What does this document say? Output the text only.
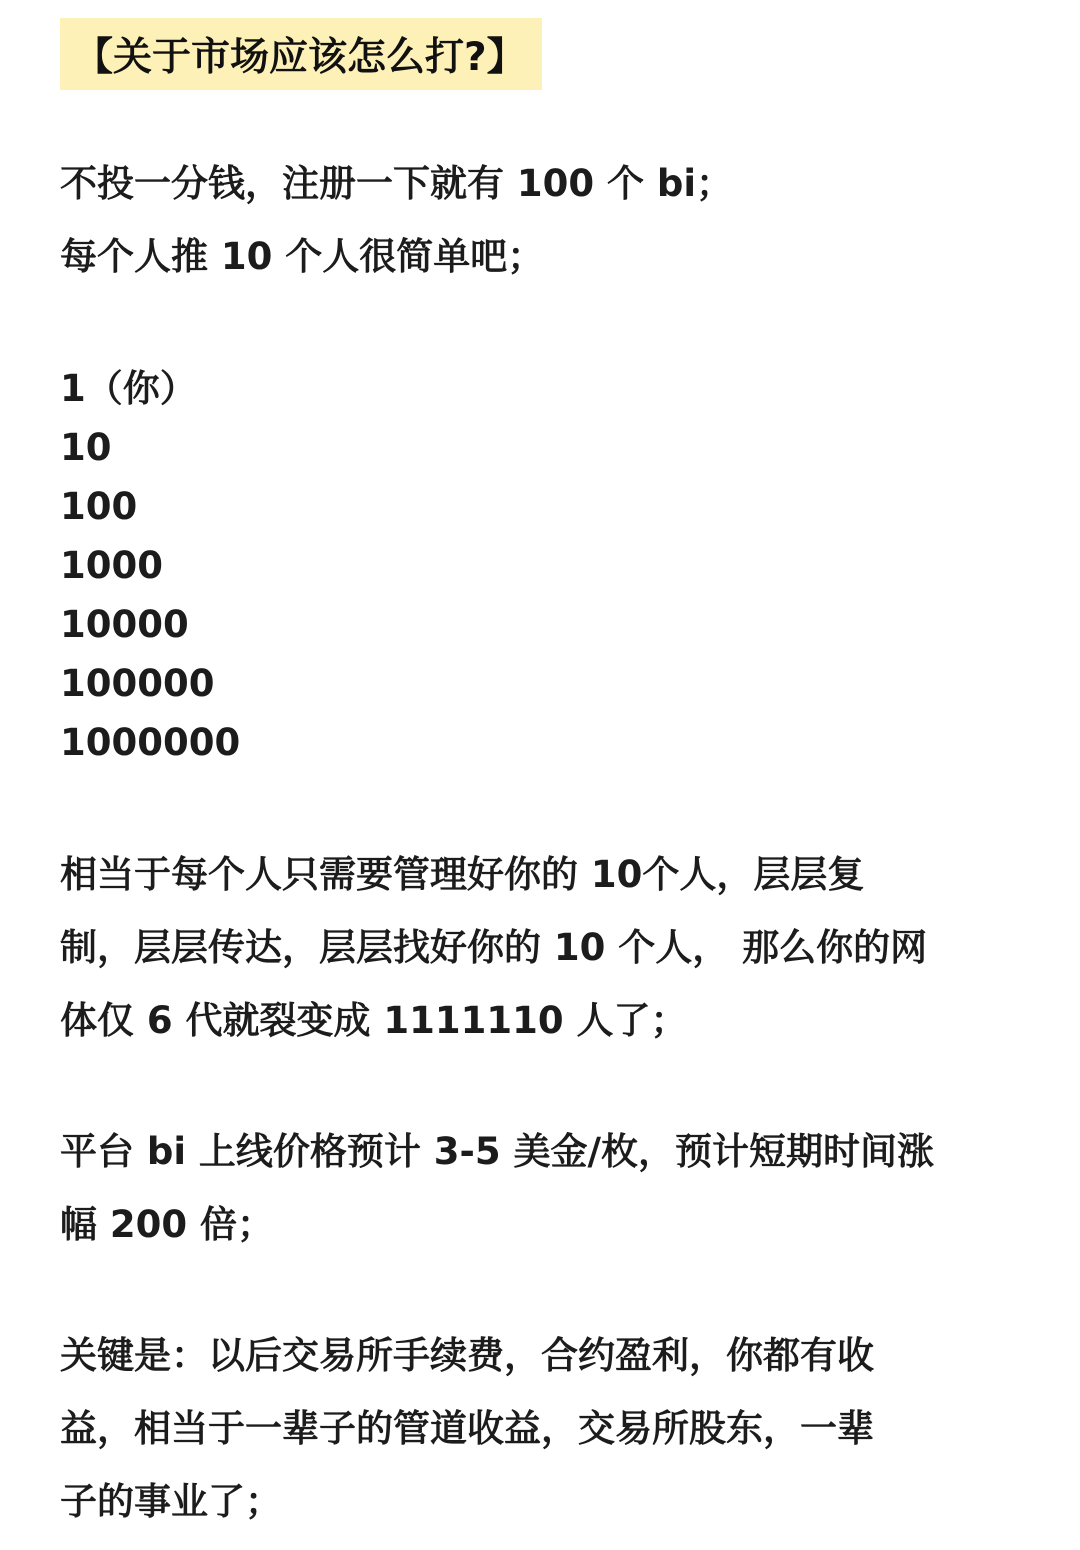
【关于市场应该怎么打?】
不投一分钱，注册一下就有 100 个 bi；
每个人推 10 个人很简单吧；
1（你）
10
100
1000
10000
100000
1000000
相当于每个人只需要管理好你的 10个人，层层复
制，层层传达，层层找好你的 10 个人， 那么你的网
体仅 6 代就裂变成 1111110 人了；
平台 bi 上线价格预计 3-5 美金/枚，预计短期时间涨
幅 200 倍；
关键是：以后交易所手续费，合约盈利，你都有收
益，相当于一辈子的管道收益，交易所股东，一辈
子的事业了；
